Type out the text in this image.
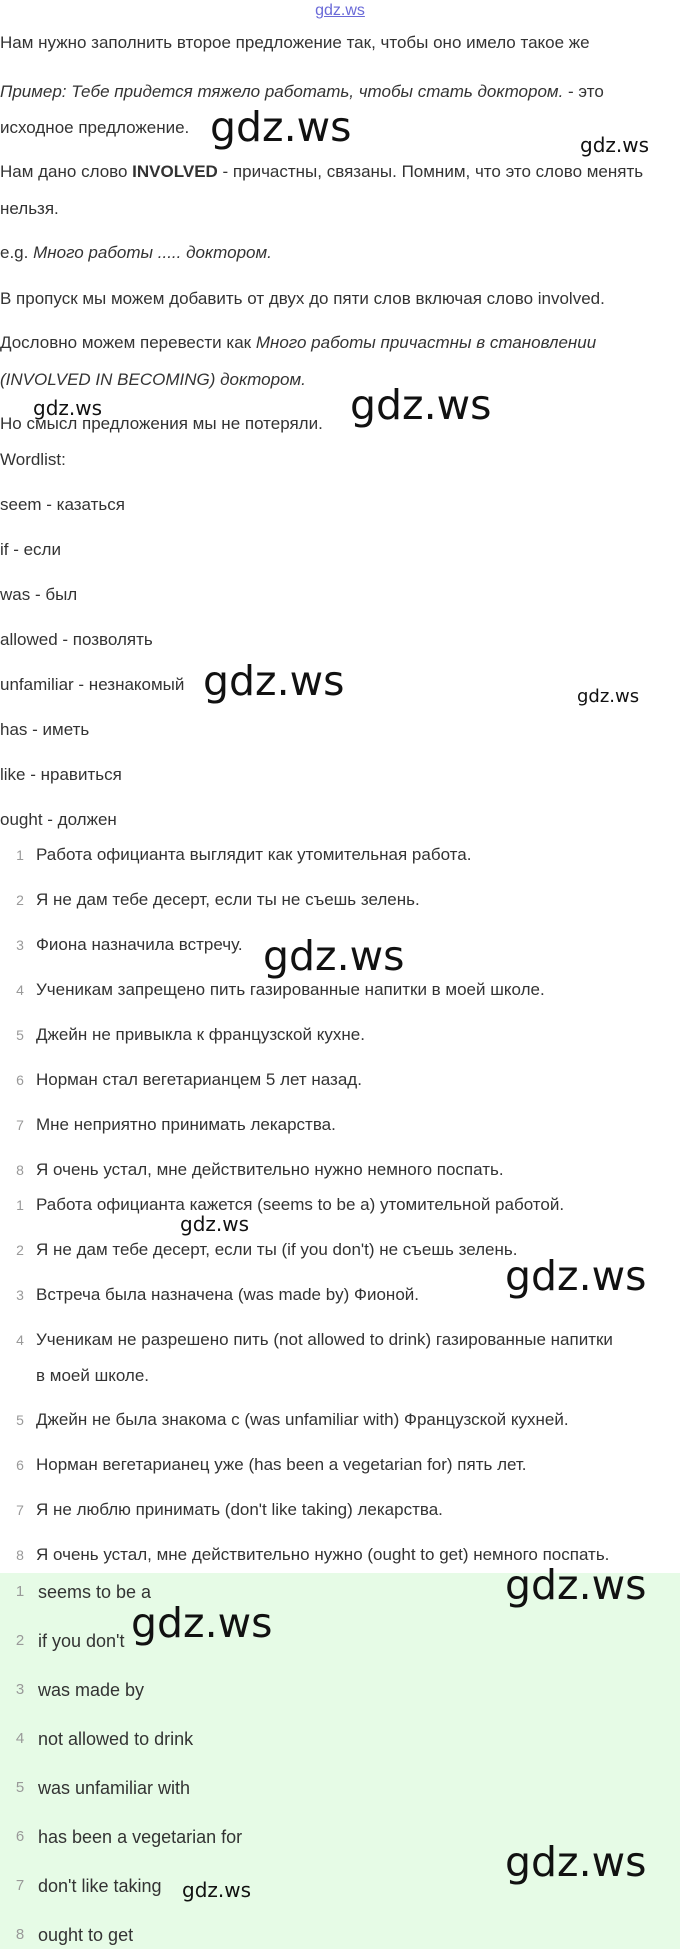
gdz.ws
Нам нужно заполнить второе предложение так, чтобы оно имело такое же
Пример: Тебе придется тяжело работать, чтобы стать доктором. - это
исходное предложение.
Нам дано слово INVOLVED - причастны, связаны. Помним, что это слово менять
нельзя.
e.g. Много работы ..... доктором.
В пропуск мы можем добавить от двух до пяти слов включая слово involved.
Дословно можем перевести как Много работы причастны в становлении
(INVOLVED IN BECOMING) доктором.
Но смысл предложения мы не потеряли.
Wordlist:
seem - казаться
if - если
was - был
allowed - позволять
unfamiliar - незнакомый
has - иметь
like - нравиться
ought - должен
1 Работа официанта выглядит как утомительная работа.
2 Я не дам тебе десерт, если ты не съешь зелень.
3 Фиона назначила встречу.
4 Ученикам запрещено пить газированные напитки в моей школе.
5 Джейн не привыкла к французской кухне.
6 Норман стал вегетарианцем 5 лет назад.
7 Мне неприятно принимать лекарства.
8 Я очень устал, мне действительно нужно немного поспать.
1 Работа официанта кажется (seems to be a) утомительной работой.
2 Я не дам тебе десерт, если ты (if you don't) не съешь зелень.
3 Встреча была назначена (was made by) Фионой.
4 Ученикам не разрешено пить (not allowed to drink) газированные напитки
в моей школе.
5 Джейн не была знакома с (was unfamiliar with) Французской кухней.
6 Норман вегетарианец уже (has been a vegetarian for) пять лет.
7 Я не люблю принимать (don't like taking) лекарства.
8 Я очень устал, мне действительно нужно (ought to get) немного поспать.
1 seems to be a
2 if you don't
3 was made by
4 not allowed to drink
5 was unfamiliar with
6 has been a vegetarian for
7 don't like taking
8 ought to get
gdz.ws	gdz.ws
gdz.ws	gdz.ws
gdz.ws	gdz.ws
gdz.ws
gdz.ws
gdz.ws
gdz.ws
gdz.ws
gdz.ws
gdz.ws
